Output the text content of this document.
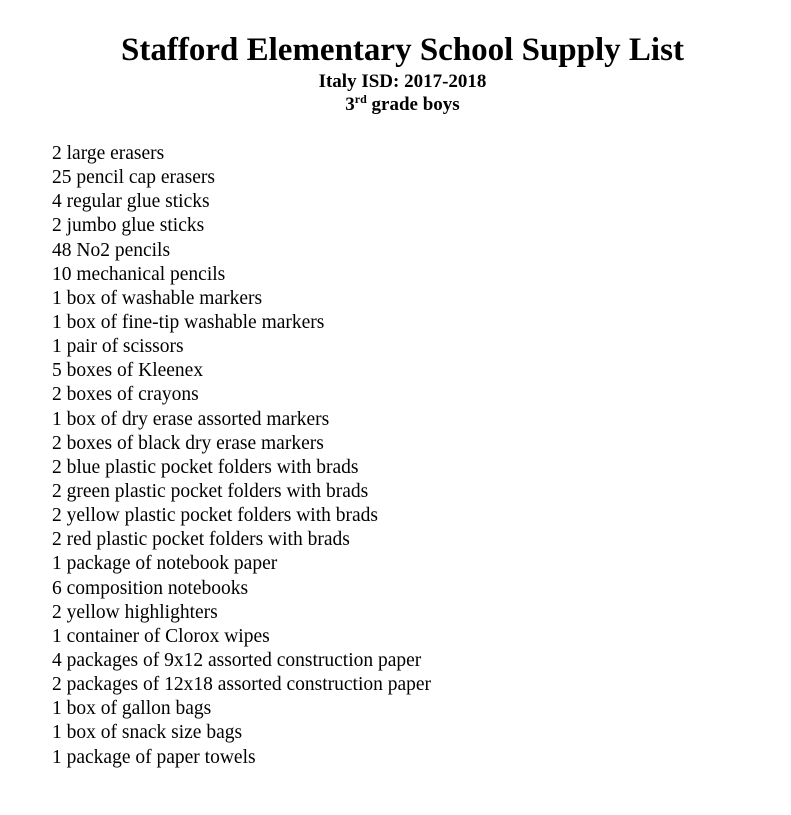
Stafford Elementary School Supply List
Italy ISD: 2017-2018
3rd grade boys
2 large erasers
25 pencil cap erasers
4 regular glue sticks
2 jumbo glue sticks
48 No2 pencils
10 mechanical pencils
1 box of washable markers
1 box of fine-tip washable markers
1 pair of scissors
5 boxes of Kleenex
2 boxes of crayons
1 box of dry erase assorted markers
2 boxes of black dry erase markers
2 blue plastic pocket folders with brads
2 green plastic pocket folders with brads
2 yellow plastic pocket folders with brads
2 red plastic pocket folders with brads
1 package of notebook paper
6 composition notebooks
2 yellow highlighters
1 container of Clorox wipes
4 packages of 9x12 assorted construction paper
2 packages of 12x18 assorted construction paper
1 box of gallon bags
1 box of snack size bags
1 package of paper towels
